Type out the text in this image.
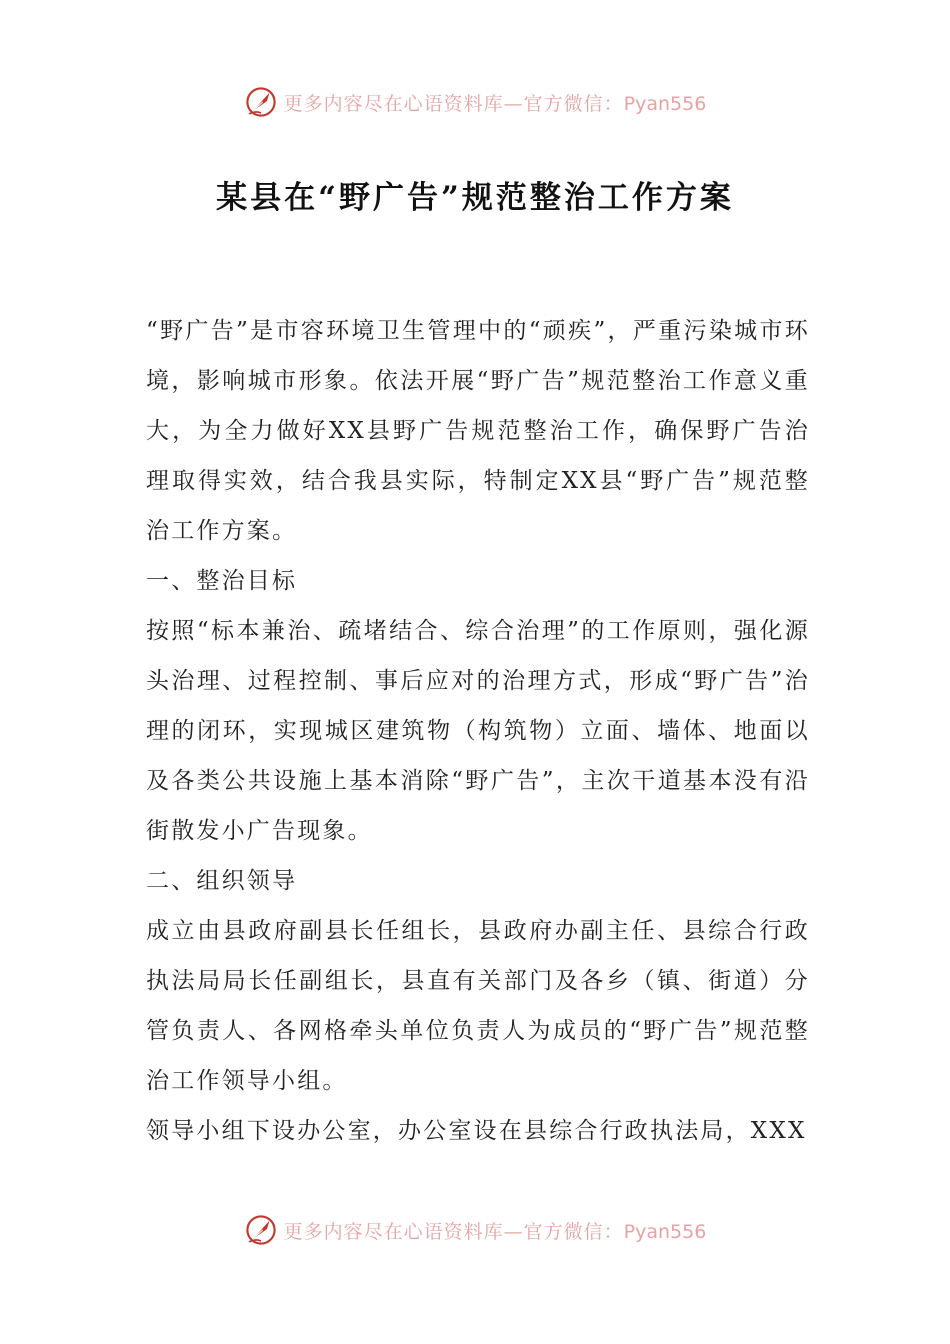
更多内容尽在心语资料库—官方微信：Pyan556
某县在“野广告”规范整治工作方案

“野广告”是市容环境卫生管理中的“顽疾”，严重污染城市环境，影响城市形象。依法开展“野广告”规范整治工作意义重大，为全力做好XX县野广告规范整治工作，确保野广告治理取得实效，结合我县实际，特制定XX县“野广告”规范整治工作方案。

一、整治目标

按照“标本兼治、疏堵结合、综合治理”的工作原则，强化源头治理、过程控制、事后应对的治理方式，形成“野广告”治理的闭环，实现城区建筑物（构筑物）立面、墙体、地面以及各类公共设施上基本消除“野广告”，主次干道基本没有沿街散发小广告现象。

二、组织领导

成立由县政府副县长任组长，县政府办副主任、县综合行政执法局局长任副组长，县直有关部门及各乡（镇、街道）分管负责人、各网格牵头单位负责人为成员的“野广告”规范整治工作领导小组。

领导小组下设办公室，办公室设在县综合行政执法局，XXX

更多内容尽在心语资料库—官方微信：Pyan556
